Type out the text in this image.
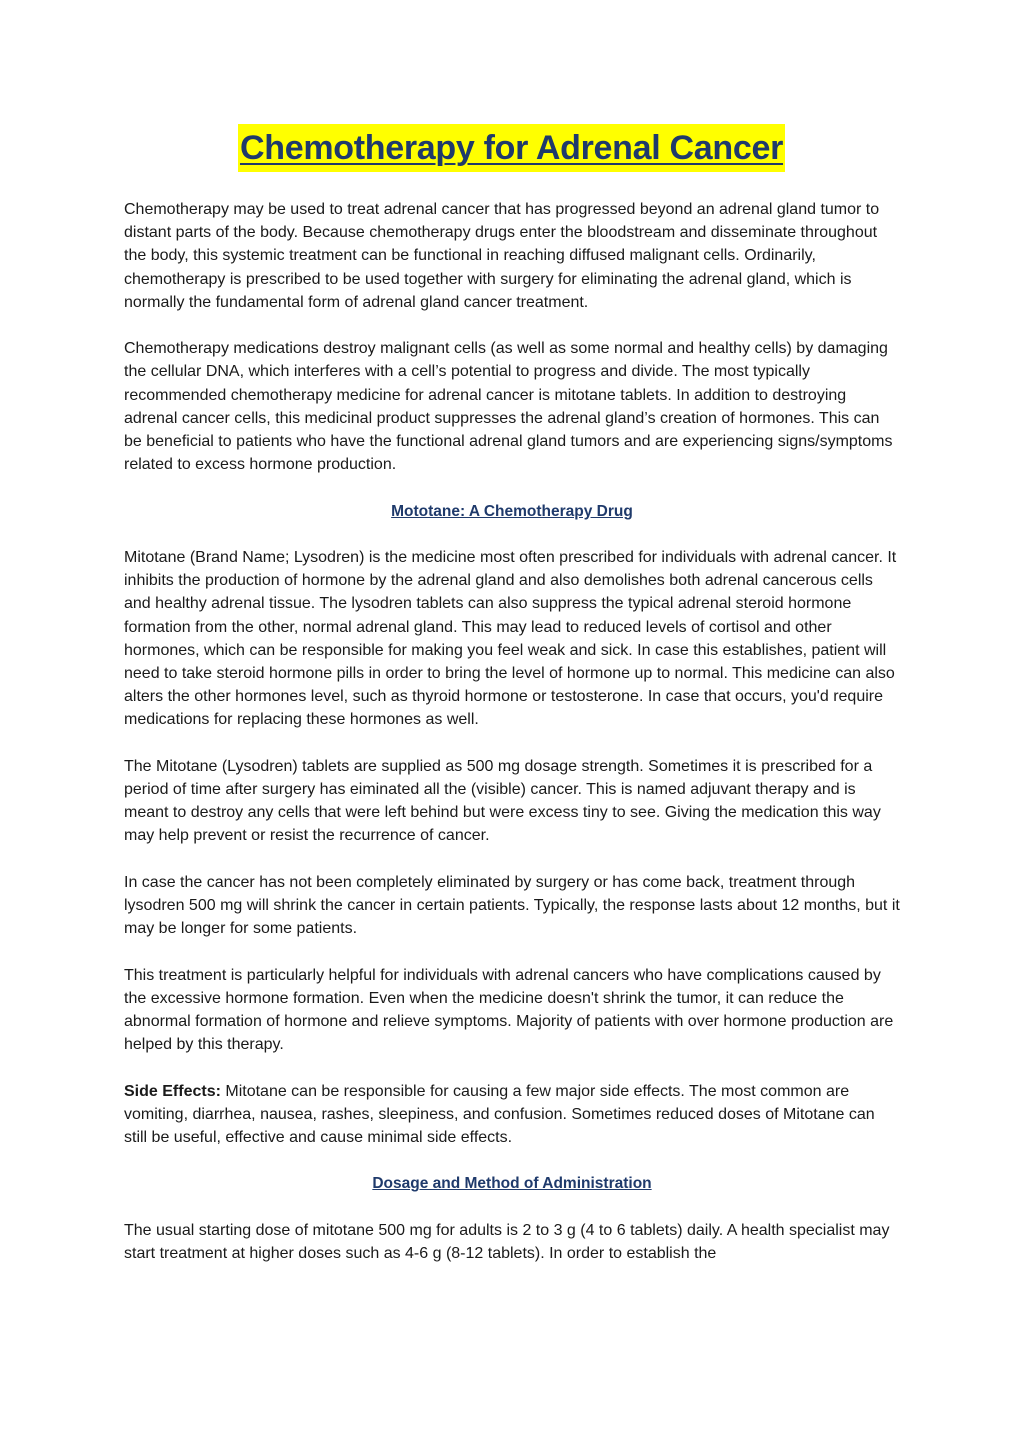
Chemotherapy for Adrenal Cancer

Chemotherapy may be used to treat adrenal cancer that has progressed beyond an adrenal gland tumor to distant parts of the body. Because chemotherapy drugs enter the bloodstream and disseminate throughout the body, this systemic treatment can be functional in reaching diffused malignant cells. Ordinarily, chemotherapy is prescribed to be used together with surgery for eliminating the adrenal gland, which is normally the fundamental form of adrenal gland cancer treatment.

Chemotherapy medications destroy malignant cells (as well as some normal and healthy cells) by damaging the cellular DNA, which interferes with a cell’s potential to progress and divide. The most typically recommended chemotherapy medicine for adrenal cancer is mitotane tablets. In addition to destroying adrenal cancer cells, this medicinal product suppresses the adrenal gland’s creation of hormones. This can be beneficial to patients who have the functional adrenal gland tumors and are experiencing signs/symptoms related to excess hormone production.

Mototane: A Chemotherapy Drug

Mitotane (Brand Name; Lysodren) is the medicine most often prescribed for individuals with adrenal cancer. It inhibits the production of hormone by the adrenal gland and also demolishes both adrenal cancerous cells and healthy adrenal tissue. The lysodren tablets can also suppress the typical adrenal steroid hormone formation from the other, normal adrenal gland. This may lead to reduced levels of cortisol and other hormones, which can be responsible for making you feel weak and sick. In case this establishes, patient will need to take steroid hormone pills in order to bring the level of hormone up to normal. This medicine can also alters the other hormones level, such as thyroid hormone or testosterone. In case that occurs, you'd require medications for replacing these hormones as well.

The Mitotane (Lysodren) tablets are supplied as 500 mg dosage strength. Sometimes it is prescribed for a period of time after surgery has eiminated all the (visible) cancer. This is named adjuvant therapy and is meant to destroy any cells that were left behind but were excess tiny to see. Giving the medication this way may help prevent or resist the recurrence of cancer.

In case the cancer has not been completely eliminated by surgery or has come back, treatment through lysodren 500 mg will shrink the cancer in certain patients. Typically, the response lasts about 12 months, but it may be longer for some patients.

This treatment is particularly helpful for individuals with adrenal cancers who have complications caused by the excessive hormone formation. Even when the medicine doesn't shrink the tumor, it can reduce the abnormal formation of hormone and relieve symptoms. Majority of patients with over hormone production are helped by this therapy.

Side Effects: Mitotane can be responsible for causing a few major side effects. The most common are vomiting, diarrhea, nausea, rashes, sleepiness, and confusion. Sometimes reduced doses of Mitotane can still be useful, effective and cause minimal side effects.

Dosage and Method of Administration

The usual starting dose of mitotane 500 mg for adults is 2 to 3 g (4 to 6 tablets) daily. A health specialist may start treatment at higher doses such as 4-6 g (8-12 tablets). In order to establish the
